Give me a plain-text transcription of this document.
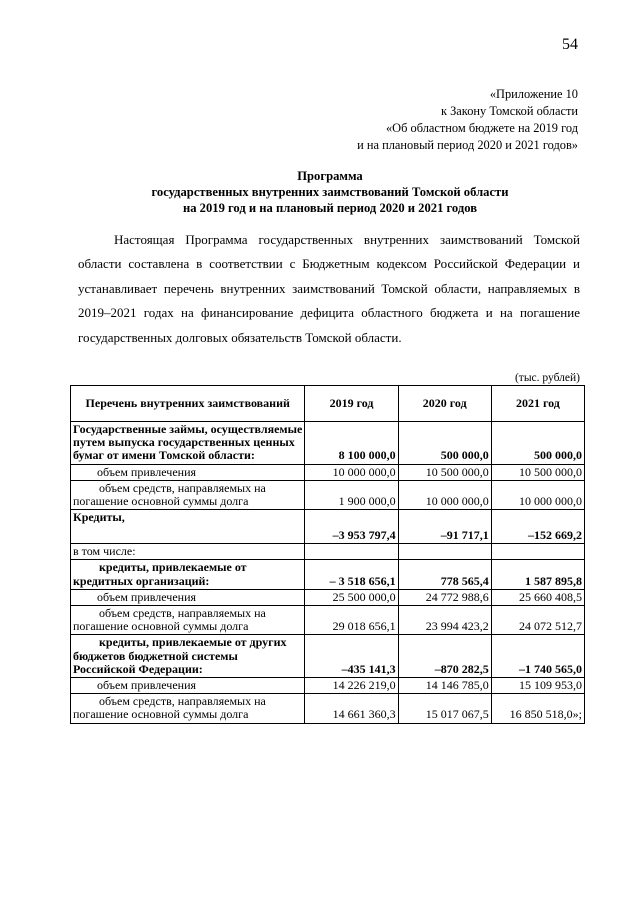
54
«Приложение 10
к Закону Томской области
«Об областном бюджете на 2019 год
и на плановый период 2020 и 2021 годов»
Программа
государственных внутренних заимствований Томской области
на 2019 год и на плановый период 2020 и 2021 годов

Настоящая Программа государственных внутренних заимствований Томской области составлена в соответствии с Бюджетным кодексом Российской Федерации и устанавливает перечень внутренних заимствований Томской области, направляемых в 2019–2021 годах на финансирование дефицита областного бюджета и на погашение государственных долговых обязательств Томской области.

(тыс. рублей)
Перечень внутренних заимствований	2019 год	2020 год	2021 год
Государственные займы, осуществляемые путем выпуска государственных ценных бумаг от имени Томской области:	8 100 000,0	500 000,0	500 000,0
объем привлечения	10 000 000,0	10 500 000,0	10 500 000,0
объем средств, направляемых на погашение основной суммы долга	1 900 000,0	10 000 000,0	10 000 000,0
Кредиты,	–3 953 797,4	–91 717,1	–152 669,2
в том числе:			
кредиты, привлекаемые от кредитных организаций:	– 3 518 656,1	778 565,4	1 587 895,8
объем привлечения	25 500 000,0	24 772 988,6	25 660 408,5
объем средств, направляемых на погашение основной суммы долга	29 018 656,1	23 994 423,2	24 072 512,7
кредиты, привлекаемые от других бюджетов бюджетной системы Российской Федерации:	–435 141,3	–870 282,5	–1 740 565,0
объем привлечения	14 226 219,0	14 146 785,0	15 109 953,0
объем средств, направляемых на погашение основной суммы долга	14 661 360,3	15 017 067,5	16 850 518,0»;
